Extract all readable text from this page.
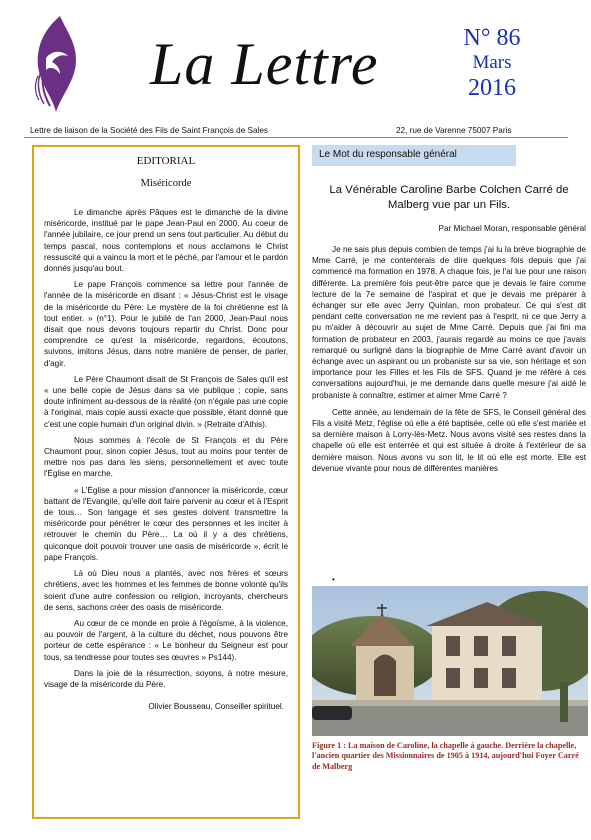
La Lettre	N° 86
Mars
2016
Lettre de liaison de la Société des Fils de Saint François de Sales	22, rue de Varenne 75007 Paris
EDITORIAL
Miséricorde

Le dimanche après Pâques est le dimanche de la divine miséricorde, institué par le pape Jean-Paul en 2000. Au coeur de l'année jubilaire, ce jour prend un sens tout particulier. Au début du temps pascal, nous contemplons et nous acclamons le Christ ressuscité qui a vaincu la mort et le péché, par l'amour et le pardon donnés jusqu'au bout.

Le pape François commence sa lettre pour l'année de l'année de la miséricorde en disant : « Jésus-Christ est le visage de la miséricorde du Père. Le mystère de la foi chrétienne est là tout entier. » (n°1). Pour le jubilé de l'an 2000, Jean-Paul nous disait que nous devons toujours repartir du Christ. Donc pour comprendre ce qu'est la miséricorde, regardons, écoutons, suivons, imitons Jésus, dans notre manière de penser, de parler, d'agir.

Le Père Chaumont disait de St François de Sales qu'il est « une belle copie de Jésus dans sa vie publique ; copie, sans doute infiniment au-dessous de la réalité (on n'égale pas une copie à l'original, mais copie aussi exacte que possible, étant donné que c'est une copie humain d'un original divin. » (Retraite d'Athis).

Nous sommes à l'école de St François et du Père Chaumont pour, sinon copier Jésus, tout au moins pour tenter de mettre nos pas dans les siens, personnellement et avec toute l'Église en marche.

« L'Église a pour mission d'annoncer la miséricorde, cœur battant de l'Evangile, qu'elle doit faire parvenir au cœur et à l'Esprit de tous… Son langage et ses gestes doivent transmettre la miséricorde pour pénétrer le cœur des personnes et les inciter à retrouver le chemin du Père… La où il y a des chrétiens, quiconque doit pouvoir trouver une oasis de miséricorde », écrit le pape François.

Là où Dieu nous a plantés, avec nos frères et sœurs chrétiens, avec les hommes et les femmes de bonne volonté qu'ils soient d'une autre confession ou religion, incroyants, chercheurs de sens, sachons créer des oasis de miséricorde.

Au cœur de ce monde en proie à l'égoïsme, à la violence, au pouvoir de l'argent, à la culture du déchet, nous pouvons être porteur de cette espérance : « Le bonheur du Seigneur est pour tous, sa tendresse pour toutes ses œuvres » Ps144).

Dans la joie de la résurrection, soyons, à notre mesure, visage de la miséricorde du Père.

Olivier Bousseau, Conseiller spirituel.
Le Mot du responsable général
La Vénérable Caroline Barbe Colchen Carré de Malberg vue par un Fils.
Par Michael Moran, responsable général

Je ne sais plus depuis combien de temps j'ai lu la brève biographie de Mme Carré, je me contenterais de dire quelques fois depuis que j'ai commencé ma formation en 1978. A chaque fois, je l'ai lue pour une raison différente. La première fois peut-être parce que je devais le faire comme lecture de la 7e semaine de l'aspirat et que je devais me préparer à échanger sur elle avec Jerry Quinlan, mon probateur. Ce qui s'est dit pendant cette conversation ne me revient pas à l'esprit, ni ce que Jerry a pu m'aider à découvrir au sujet de Mme Carré. Depuis que j'ai fini ma formation de probateur en 2003, j'aurais regardé au moins ce que j'avais remarqué ou surligné dans la biographie de Mme Carré avant d'avoir un échange avec un aspirant ou un probaniste sur sa vie, son héritage et son importance pour les Filles et les Fils de SFS. Quand je me réfère à ces conversations aujourd'hui, je me demande dans quelle mesure j'ai aidé le probaniste à connaître, estimer et aimer Mme Carré ?

Cette année, au lendemain de la fête de SFS, le Conseil général des Fils a visité Metz, l'église où elle a été baptisée, celle où elle s'est mariée et sa dernière maison à Lorry-lès-Metz. Nous avons visité ses restes dans la chapelle où elle est enterrée et qui est située à droite à l'extérieur de sa dernière maison. Nous avons vu son lit, le lit où elle est morte. Elle est devenue vivante pour nous de différentes manières

•
Figure 1 : La maison de Caroline, la chapelle à gauche. Derrière la chapelle, l'ancien quartier des Missionnaires de 1905 à 1914, aujourd'hui Foyer Carré de Malberg
